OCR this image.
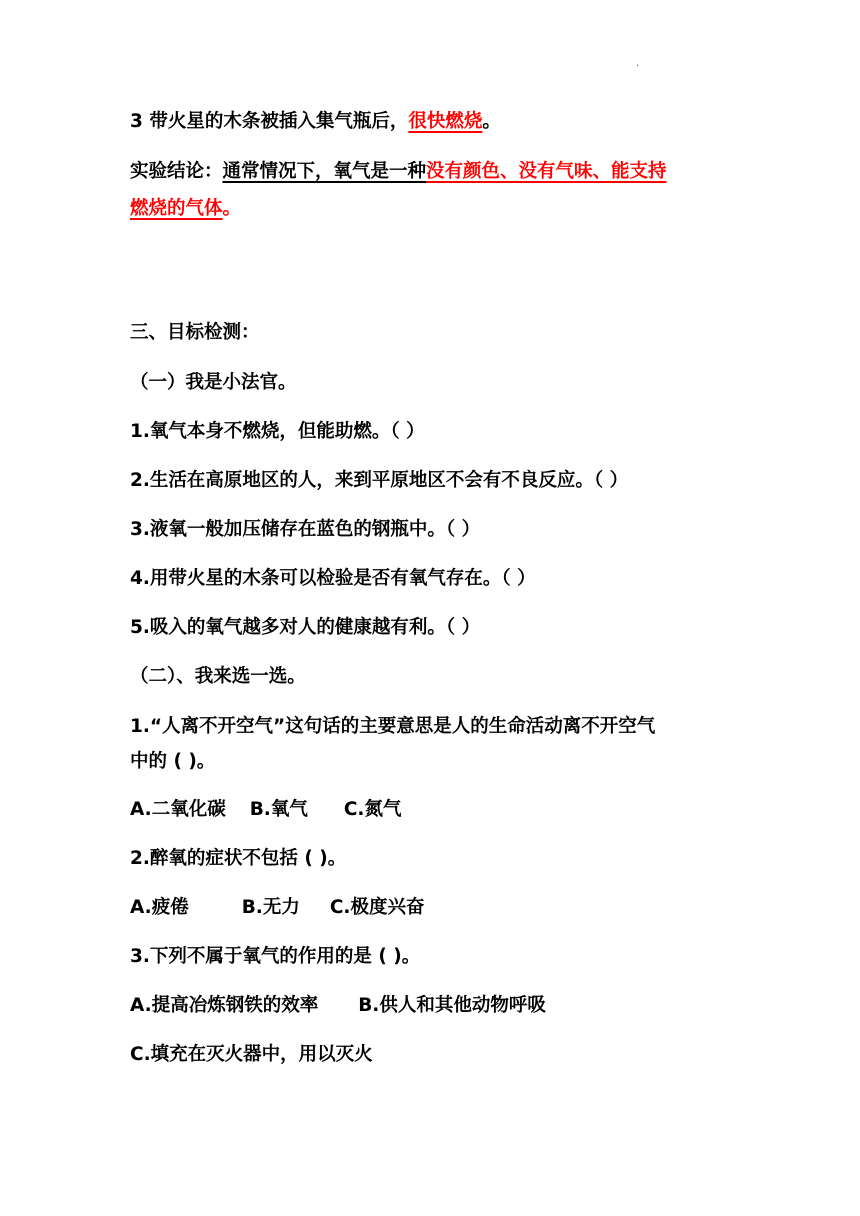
.
3 带火星的木条被插入集气瓶后，很快燃烧。
实验结论：通常情况下，氧气是一种没有颜色、没有气味、能支持
燃烧的气体。
三、目标检测：
（一）我是小法官。
1.氧气本身不燃烧，但能助燃。（ ）
2.生活在高原地区的人，来到平原地区不会有不良反应。（ ）
3.液氧一般加压储存在蓝色的钢瓶中。（ ）
4.用带火星的木条可以检验是否有氧气存在。（ ）
5.吸入的氧气越多对人的健康越有利。（ ）
（二）、我来选一选。
1.“人离不开空气”这句话的主要意思是人的生命活动离不开空气
中的 ( )。
A.二氧化碳 B.氧气 C.氮气
2.醉氧的症状不包括 ( )。
A.疲倦	B.无力 C.极度兴奋
3.下列不属于氧气的作用的是 ( )。
A.提高冶炼钢铁的效率 B.供人和其他动物呼吸
C.填充在灭火器中，用以灭火
